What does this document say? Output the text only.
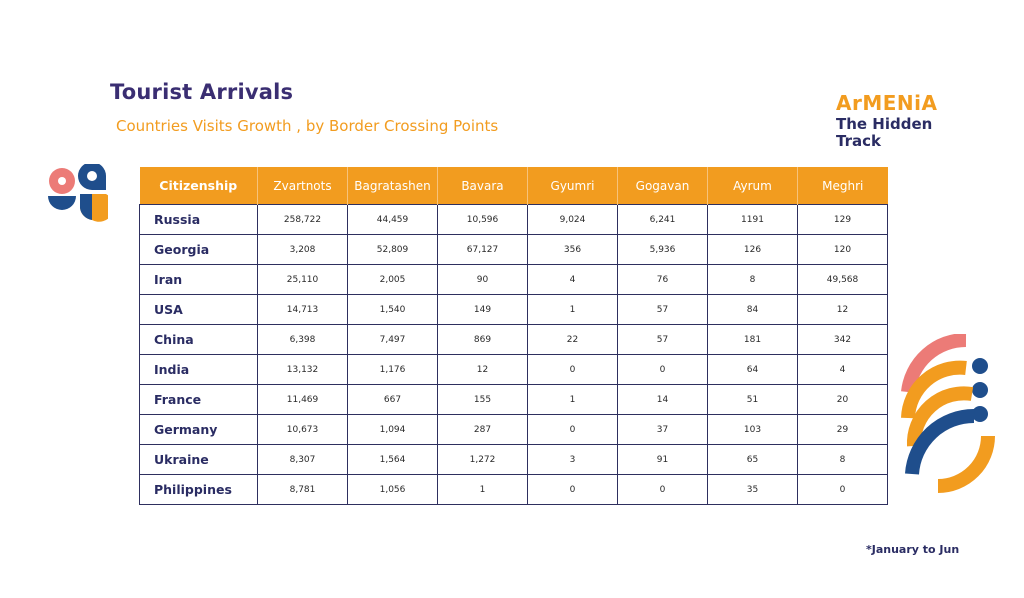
Tourist Arrivals
Countries Visits Growth , by Border Crossing Points
ArMENiA
The Hidden
Track
Citizenship	Zvartnots	Bagratashen	Bavara	Gyumri	Gogavan	Ayrum	Meghri
Russia	258,722	44,459	10,596	9,024	6,241	1191	129
Georgia	3,208	52,809	67,127	356	5,936	126	120
Iran	25,110	2,005	90	4	76	8	49,568
USA	14,713	1,540	149	1	57	84	12
China	6,398	7,497	869	22	57	181	342
India	13,132	1,176	12	0	0	64	4
France	11,469	667	155	1	14	51	20
Germany	10,673	1,094	287	0	37	103	29
Ukraine	8,307	1,564	1,272	3	91	65	8
Philippines	8,781	1,056	1	0	0	35	0
*January to Jun
